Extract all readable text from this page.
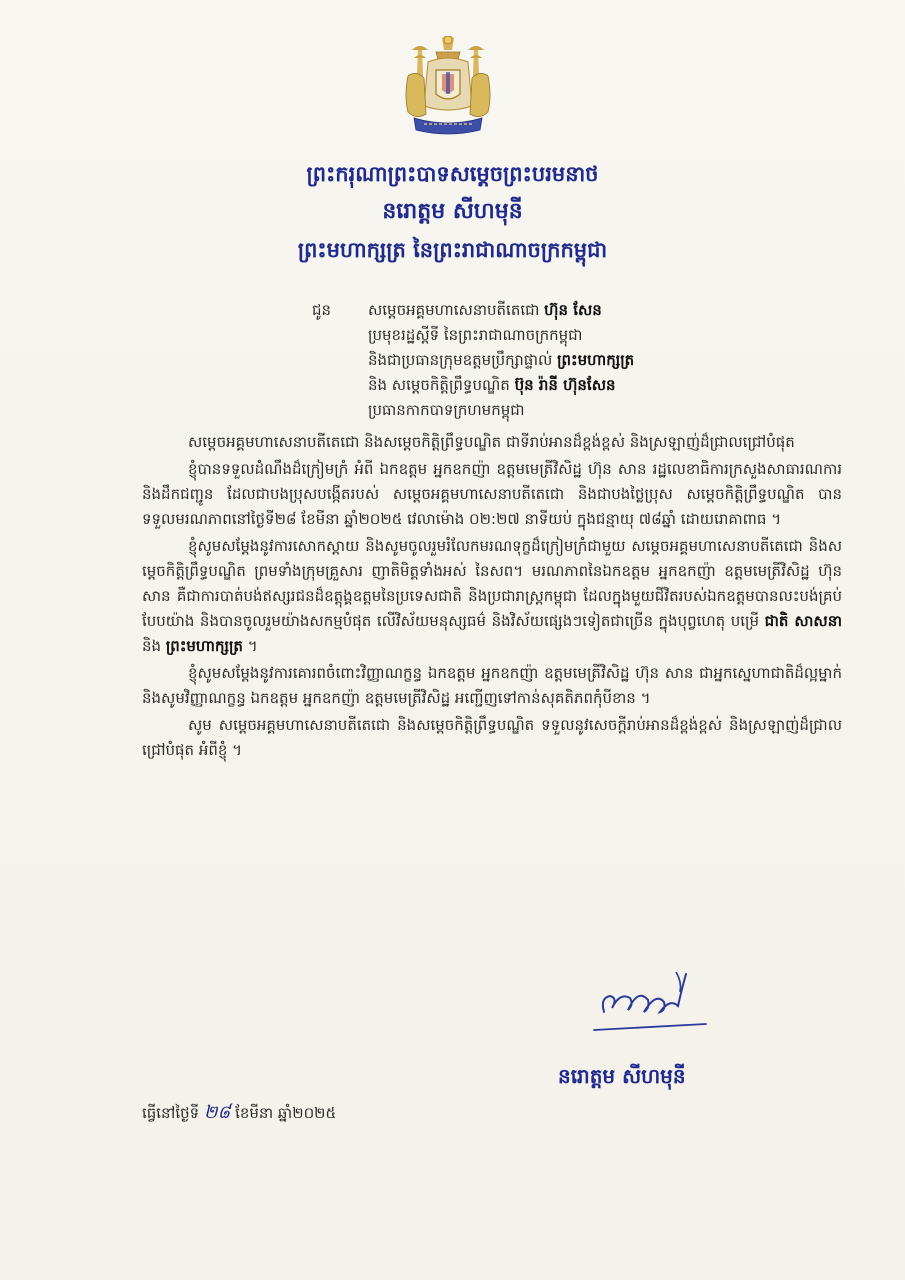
ព្រះករុណាព្រះបាទសម្តេចព្រះបរមនាថ
នរោត្តម សីហមុនី
ព្រះមហាក្សត្រ នៃព្រះរាជាណាចក្រកម្ពុជា
ជូន	សម្តេចអគ្គមហាសេនាបតីតេជោ ហ៊ុន សែន
ប្រមុខរដ្ឋស្តីទី នៃព្រះរាជាណាចក្រកម្ពុជា
និងជាប្រធានក្រុមឧត្តមប្រឹក្សាផ្ទាល់ ព្រះមហាក្សត្រ
និង សម្តេចកិត្តិព្រឹទ្ធបណ្ឌិត ប៊ុន រ៉ានី ហ៊ុនសែន
ប្រធានកាកបាទក្រហមកម្ពុជា

សម្តេចអគ្គមហាសេនាបតីតេជោ និងសម្តេចកិត្តិព្រឹទ្ធបណ្ឌិត ជាទីរាប់អានដ៏ខ្ពង់ខ្ពស់ និងស្រឡាញ់ដ៏ជ្រាលជ្រៅបំផុត

ខ្ញុំបានទទួលដំណឹងដ៏ក្រៀមក្រំ អំពី ឯកឧត្តម អ្នកឧកញ៉ា ឧត្តមមេត្រីវិសិដ្ឋ ហ៊ុន សាន រដ្ឋលេខាធិការក្រសួងសាធារណការ និងដឹកជញ្ជូន ដែលជាបងប្រុសបង្កើតរបស់ សម្តេចអគ្គមហាសេនាបតីតេជោ និងជាបងថ្លៃប្រុស សម្តេចកិត្តិព្រឹទ្ធបណ្ឌិត បានទទួលមរណភាពនៅថ្ងៃទី២៨ ខែមីនា ឆ្នាំ២០២៥ វេលាម៉ោង ០២:២៧ នាទីយប់ ក្នុងជន្មាយុ ៧៨ឆ្នាំ ដោយរោគាពាធ ។

ខ្ញុំសូមសម្តែងនូវការសោកស្តាយ និងសូមចូលរួមរំលែកមរណទុក្ខដ៏ក្រៀមក្រំជាមួយ សម្តេចអគ្គមហាសេនាបតីតេជោ និងសម្តេចកិត្តិព្រឹទ្ធបណ្ឌិត ព្រមទាំងក្រុមគ្រួសារ ញាតិមិត្តទាំងអស់ នៃសព។ មរណភាពនៃឯកឧត្តម អ្នកឧកញ៉ា ឧត្តមមេត្រីវិសិដ្ឋ ហ៊ុន សាន គឺជាការបាត់បង់ឥស្សរជនដ៏ឧត្តុង្គឧត្តមនៃប្រទេសជាតិ និងប្រជារាស្ត្រកម្ពុជា ដែលក្នុងមួយជីវិតរបស់ឯកឧត្តមបានលះបង់គ្រប់បែបយ៉ាង និងបានចូលរួមយ៉ាងសកម្មបំផុត លើវិស័យមនុស្សធម៌ និងវិស័យផ្សេងៗទៀតជាច្រើន ក្នុងបុព្វហេតុ បម្រើ ជាតិ សាសនា និង ព្រះមហាក្សត្រ ។

ខ្ញុំសូមសម្តែងនូវការគោរពចំពោះវិញ្ញាណក្ខន្ធ ឯកឧត្តម អ្នកឧកញ៉ា ឧត្តមមេត្រីវិសិដ្ឋ ហ៊ុន សាន ជាអ្នកស្នេហាជាតិដ៏ល្អម្នាក់ និងសូមវិញ្ញាណក្ខន្ធ ឯកឧត្តម អ្នកឧកញ៉ា ឧត្តមមេត្រីវិសិដ្ឋ អញ្ជើញទៅកាន់សុគតិភពកុំបីខាន ។

សូម សម្តេចអគ្គមហាសេនាបតីតេជោ និងសម្តេចកិត្តិព្រឹទ្ធបណ្ឌិត ទទួលនូវសេចក្តីរាប់អានដ៏ខ្ពង់ខ្ពស់ និងស្រឡាញ់ដ៏ជ្រាលជ្រៅបំផុត អំពីខ្ញុំ ។

នរោត្តម សីហមុនី
ធ្វើនៅថ្ងៃទី ២៨ ខែមីនា ឆ្នាំ២០២៥
